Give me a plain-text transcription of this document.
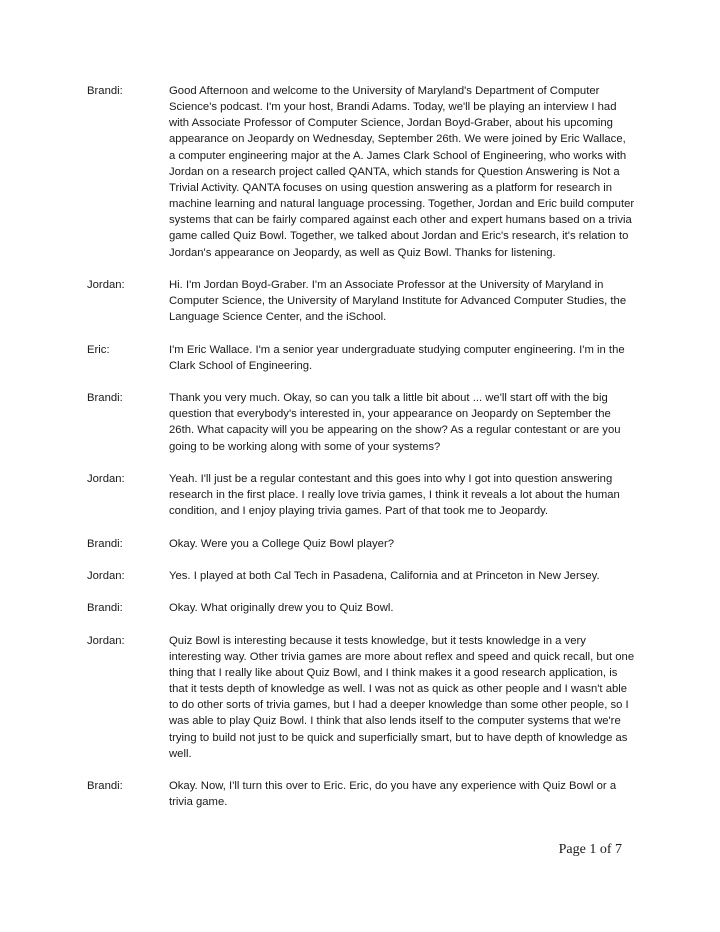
Brandi:	Good Afternoon and welcome to the University of Maryland's Department of Computer Science's podcast. I'm your host, Brandi Adams. Today, we'll be playing an interview I had with Associate Professor of Computer Science, Jordan Boyd-Graber, about his upcoming appearance on Jeopardy on Wednesday, September 26th. We were joined by Eric Wallace, a computer engineering major at the A. James Clark School of Engineering, who works with Jordan on a research project called QANTA, which stands for Question Answering is Not a Trivial Activity. QANTA focuses on using question answering as a platform for research in machine learning and natural language processing. Together, Jordan and Eric build computer systems that can be fairly compared against each other and expert humans based on a trivia game called Quiz Bowl. Together, we talked about Jordan and Eric's research, it's relation to Jordan's appearance on Jeopardy, as well as Quiz Bowl. Thanks for listening.
Jordan:	Hi. I'm Jordan Boyd-Graber. I'm an Associate Professor at the University of Maryland in Computer Science, the University of Maryland Institute for Advanced Computer Studies, the Language Science Center, and the iSchool.
Eric:	I'm Eric Wallace. I'm a senior year undergraduate studying computer engineering. I'm in the Clark School of Engineering.
Brandi:	Thank you very much. Okay, so can you talk a little bit about ... we'll start off with the big question that everybody's interested in, your appearance on Jeopardy on September the 26th. What capacity will you be appearing on the show? As a regular contestant or are you going to be working along with some of your systems?
Jordan:	Yeah. I'll just be a regular contestant and this goes into why I got into question answering research in the first place. I really love trivia games, I think it reveals a lot about the human condition, and I enjoy playing trivia games. Part of that took me to Jeopardy.
Brandi:	Okay. Were you a College Quiz Bowl player?
Jordan:	Yes. I played at both Cal Tech in Pasadena, California and at Princeton in New Jersey.
Brandi:	Okay. What originally drew you to Quiz Bowl.
Jordan:	Quiz Bowl is interesting because it tests knowledge, but it tests knowledge in a very interesting way. Other trivia games are more about reflex and speed and quick recall, but one thing that I really like about Quiz Bowl, and I think makes it a good research application, is that it tests depth of knowledge as well. I was not as quick as other people and I wasn't able to do other sorts of trivia games, but I had a deeper knowledge than some other people, so I was able to play Quiz Bowl. I think that also lends itself to the computer systems that we're trying to build not just to be quick and superficially smart, but to have depth of knowledge as well.
Brandi:	Okay. Now, I'll turn this over to Eric. Eric, do you have any experience with Quiz Bowl or a trivia game.
Page 1 of 7
